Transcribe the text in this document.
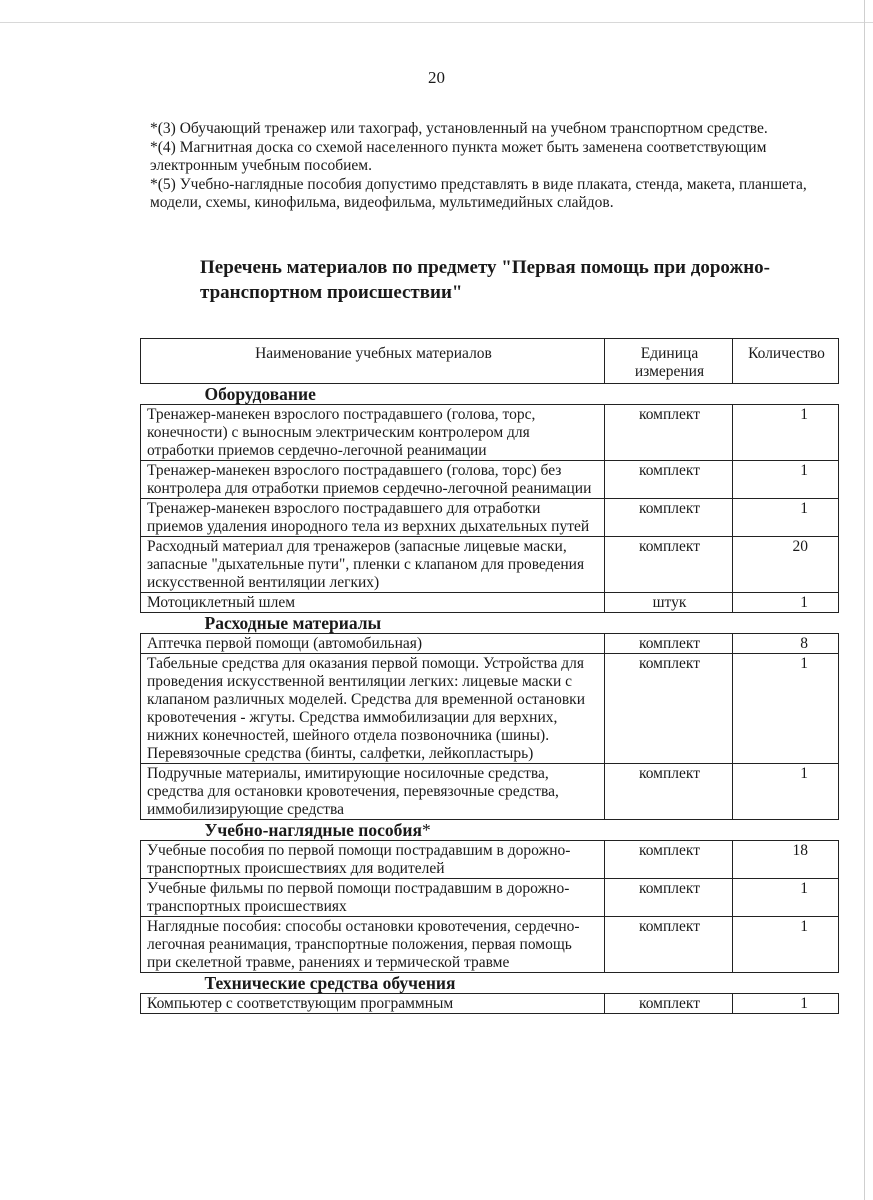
20

*(3) Обучающий тренажер или тахограф, установленный на учебном транспортном средстве.

*(4) Магнитная доска со схемой населенного пункта может быть заменена соответствующим электронным учебным пособием.

*(5) Учебно-наглядные пособия допустимо представлять в виде плаката, стенда, макета, планшета, модели, схемы, кинофильма, видеофильма, мультимедийных слайдов.

Перечень материалов по предмету "Первая помощь при дорожно-транспортном происшествии"
Наименование учебных материалов	Единица измерения	Количество
Оборудование		
Тренажер-манекен взрослого пострадавшего (голова, торс, конечности) с выносным электрическим контролером для отработки приемов сердечно-легочной реанимации	комплект	1
Тренажер-манекен взрослого пострадавшего (голова, торс) без контролера для отработки приемов сердечно-легочной реанимации	комплект	1
Тренажер-манекен взрослого пострадавшего для отработки приемов удаления инородного тела из верхних дыхательных путей	комплект	1
Расходный материал для тренажеров (запасные лицевые маски, запасные "дыхательные пути", пленки с клапаном для проведения искусственной вентиляции легких)	комплект	20
Мотоциклетный шлем	штук	1
Расходные материалы		
Аптечка первой помощи (автомобильная)	комплект	8
Табельные средства для оказания первой помощи. Устройства для проведения искусственной вентиляции легких: лицевые маски с клапаном различных моделей. Средства для временной остановки кровотечения - жгуты. Средства иммобилизации для верхних, нижних конечностей, шейного отдела позвоночника (шины). Перевязочные средства (бинты, салфетки, лейкопластырь)	комплект	1
Подручные материалы, имитирующие носилочные средства, средства для остановки кровотечения, перевязочные средства, иммобилизирующие средства	комплект	1
Учебно-наглядные пособия*		
Учебные пособия по первой помощи пострадавшим в дорожно-транспортных происшествиях для водителей	комплект	18
Учебные фильмы по первой помощи пострадавшим в дорожно-транспортных происшествиях	комплект	1
Наглядные пособия: способы остановки кровотечения, сердечно-легочная реанимация, транспортные положения, первая помощь при скелетной травме, ранениях и термической травме	комплект	1
Технические средства обучения		
Компьютер с соответствующим программным	комплект	1
